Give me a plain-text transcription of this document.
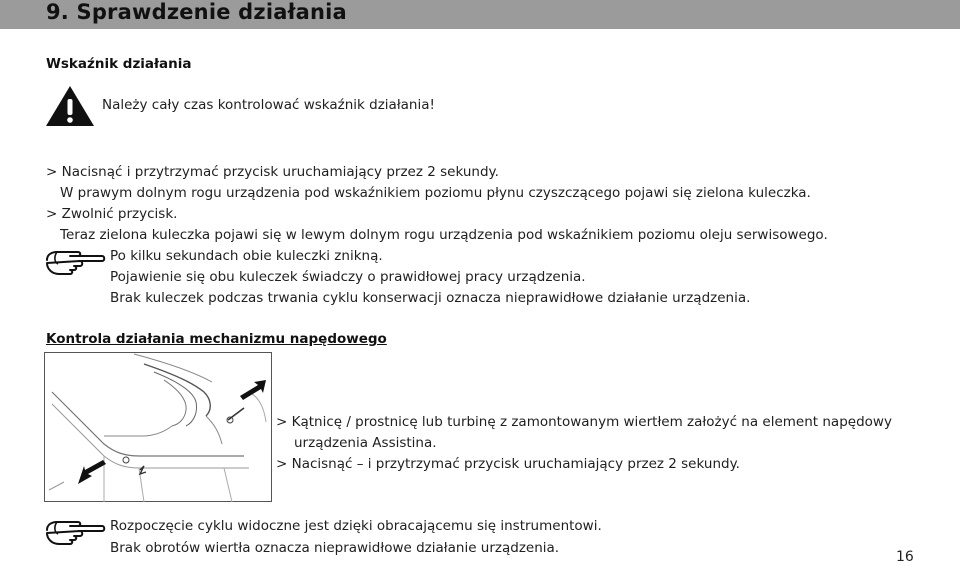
9. Sprawdzenie działania
Wskaźnik działania
Należy cały czas kontrolować wskaźnik działania!
> Nacisnąć i przytrzymać przycisk uruchamiający przez 2 sekundy.
W prawym dolnym rogu urządzenia pod wskaźnikiem poziomu płynu czyszczącego pojawi się zielona kuleczka.
> Zwolnić przycisk.
Teraz zielona kuleczka pojawi się w lewym dolnym rogu urządzenia pod wskaźnikiem poziomu oleju serwisowego.
Po kilku sekundach obie kuleczki znikną.
Pojawienie się obu kuleczek świadczy o prawidłowej pracy urządzenia.
Brak kuleczek podczas trwania cyklu konserwacji oznacza nieprawidłowe działanie urządzenia.
Kontrola działania mechanizmu napędowego
> Kątnicę / prostnicę lub turbinę z zamontowanym wiertłem założyć na element napędowy
urządzenia Assistina.
> Nacisnąć – i przytrzymać przycisk uruchamiający przez 2 sekundy.
Rozpoczęcie cyklu widoczne jest dzięki obracającemu się instrumentowi.
Brak obrotów wiertła oznacza nieprawidłowe działanie urządzenia.
16
